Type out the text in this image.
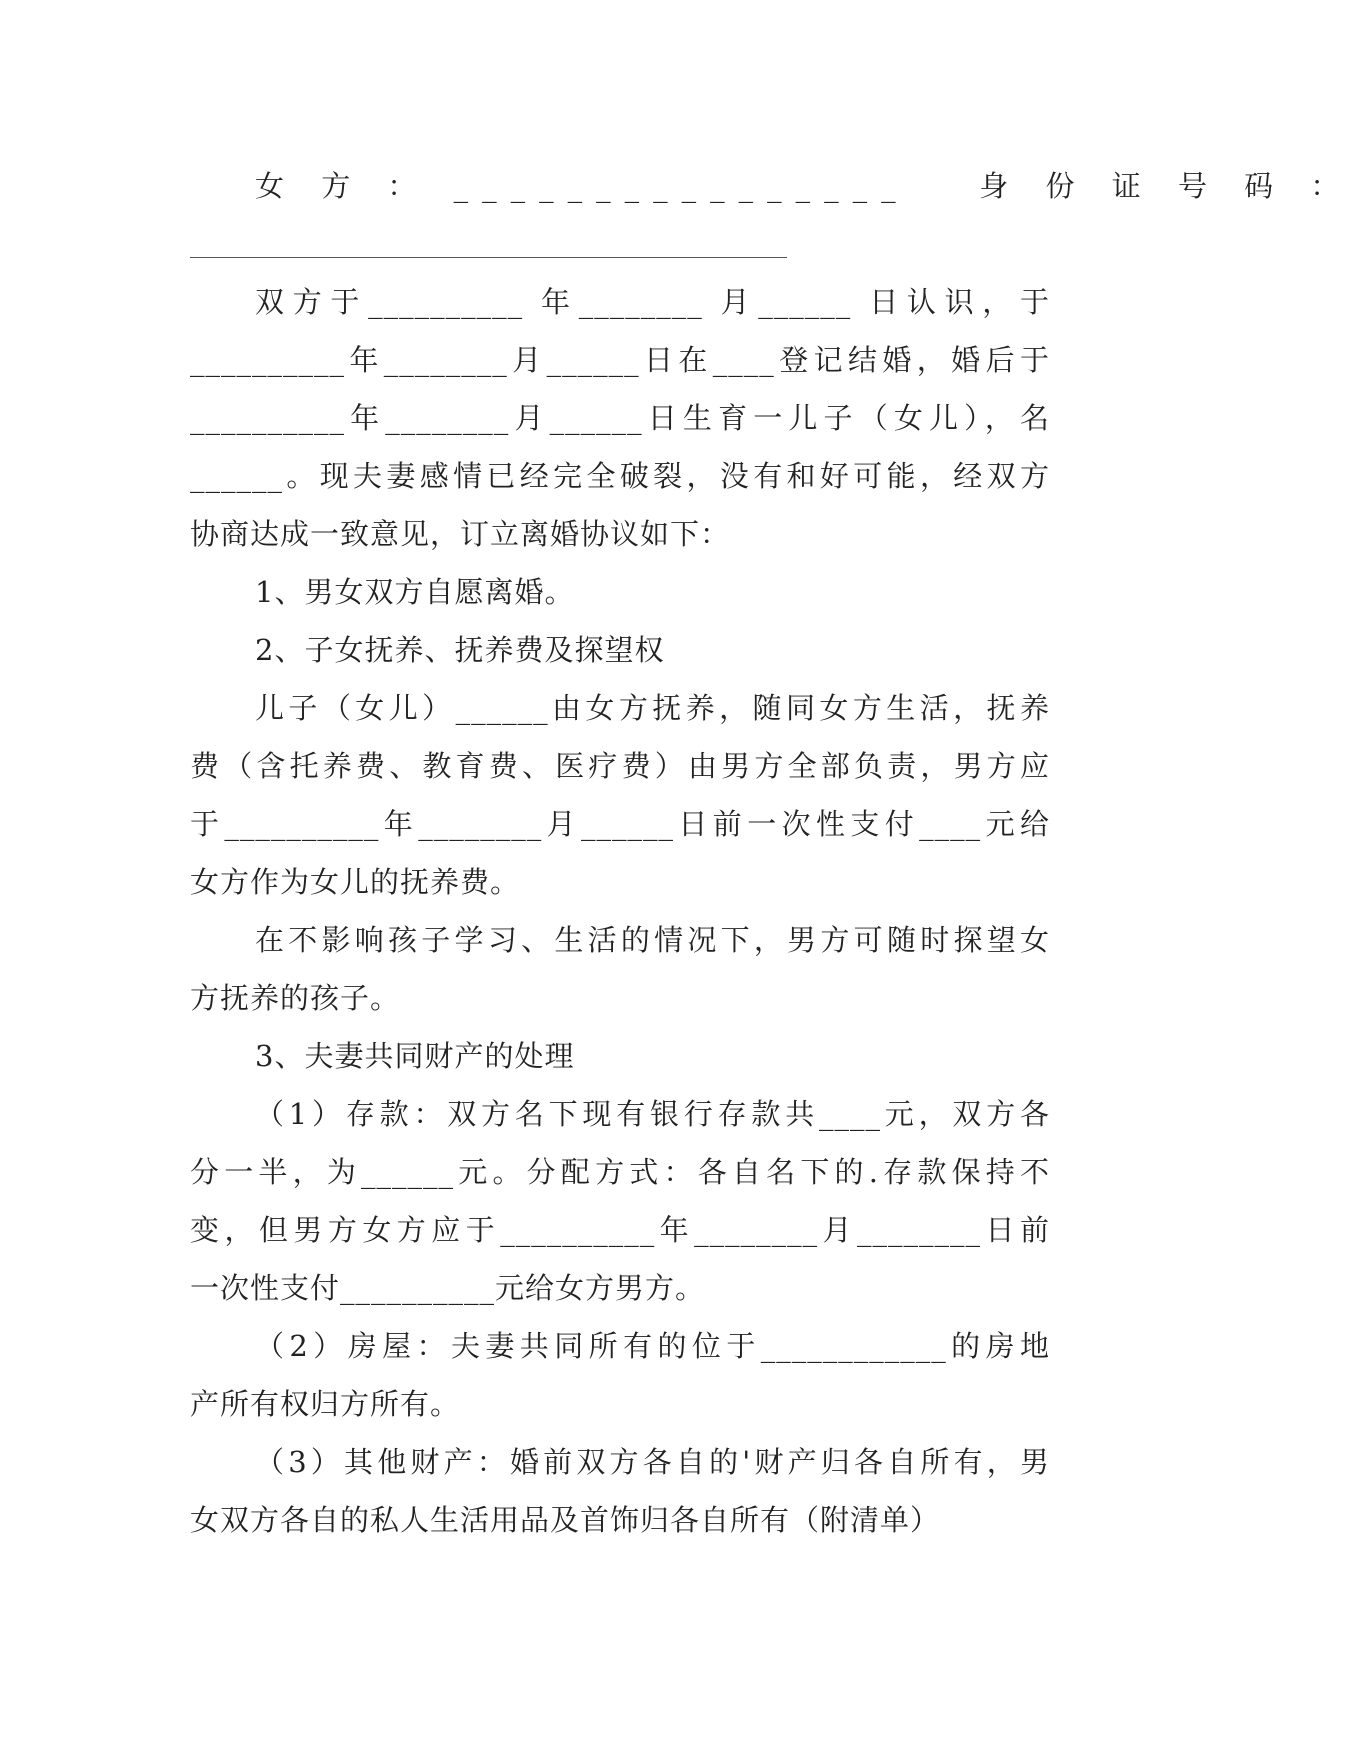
女 方 ： ________________   身 份 证 号 码 ：
双方于__________ 年________ 月______ 日认识，于
__________年________月______日在____登记结婚，婚后于
__________年________月______日生育一儿子（女儿），名
______。现夫妻感情已经完全破裂，没有和好可能，经双方
协商达成一致意见，订立离婚协议如下：
1、男女双方自愿离婚。
2、子女抚养、抚养费及探望权
儿子（女儿）______由女方抚养，随同女方生活，抚养
费（含托养费、教育费、医疗费）由男方全部负责，男方应
于__________年________月______日前一次性支付____元给
女方作为女儿的抚养费。
在不影响孩子学习、生活的情况下，男方可随时探望女
方抚养的孩子。
3、夫妻共同财产的处理
（1）存款：双方名下现有银行存款共____元，双方各
分一半，为______元。分配方式：各自名下的.存款保持不
变，但男方女方应于__________年________月________日前
一次性支付__________元给女方男方。
（2）房屋：夫妻共同所有的位于____________的房地
产所有权归方所有。
（3）其他财产：婚前双方各自的'财产归各自所有，男
女双方各自的私人生活用品及首饰归各自所有（附清单）
